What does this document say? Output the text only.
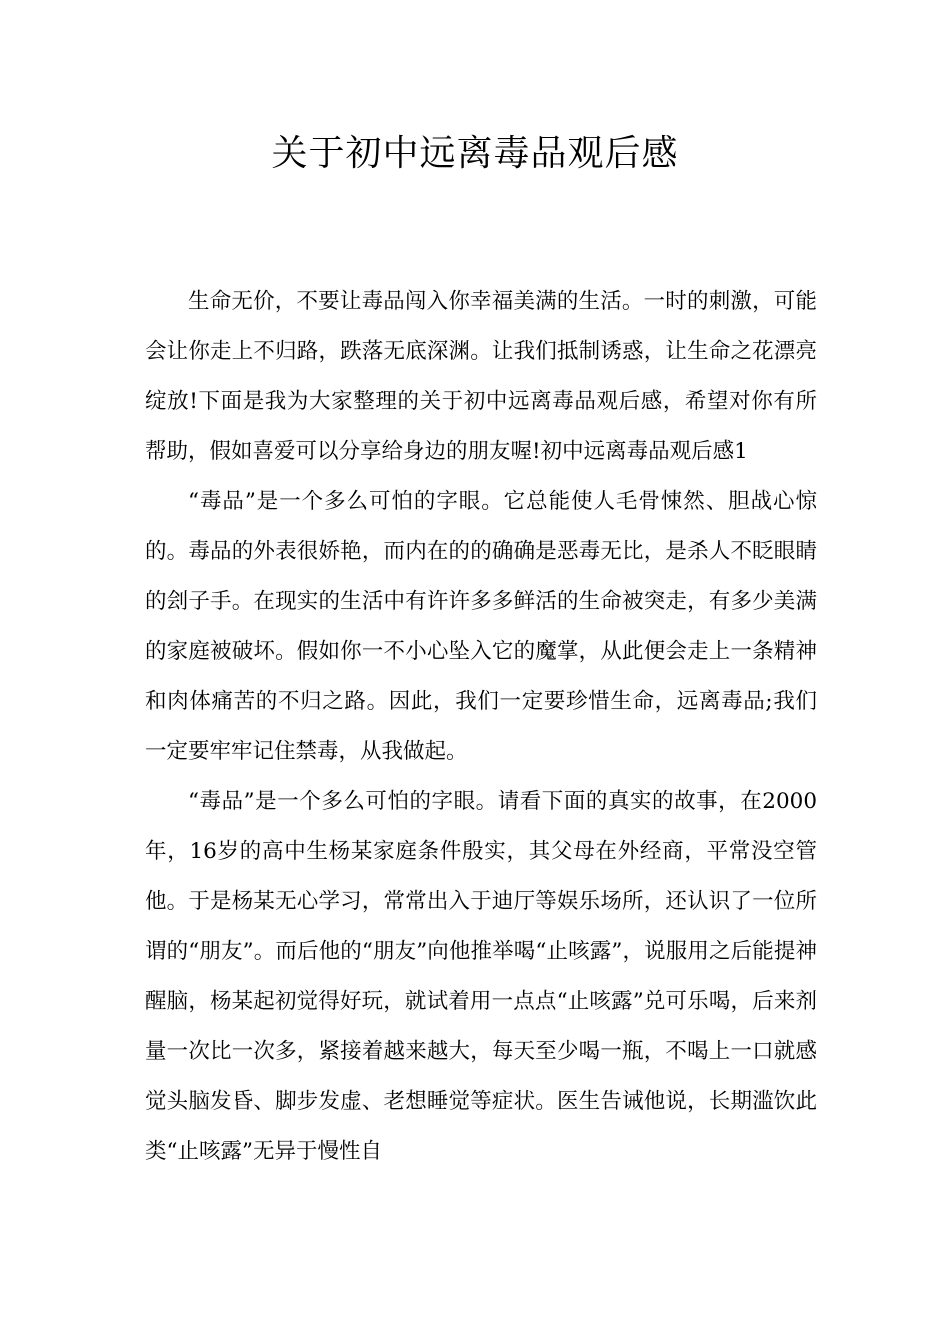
关于初中远离毒品观后感

生命无价，不要让毒品闯入你幸福美满的生活。一时的刺激，可能会让你走上不归路，跌落无底深渊。让我们抵制诱惑，让生命之花漂亮绽放!下面是我为大家整理的关于初中远离毒品观后感，希望对你有所帮助，假如喜爱可以分享给身边的朋友喔!初中远离毒品观后感1

“毒品”是一个多么可怕的字眼。它总能使人毛骨悚然、胆战心惊的。毒品的外表很娇艳，而内在的的确确是恶毒无比，是杀人不眨眼睛的刽子手。在现实的生活中有许许多多鲜活的生命被突走，有多少美满的家庭被破坏。假如你一不小心坠入它的魔掌，从此便会走上一条精神和肉体痛苦的不归之路。因此，我们一定要珍惜生命，远离毒品;我们一定要牢牢记住禁毒，从我做起。

“毒品”是一个多么可怕的字眼。请看下面的真实的故事，在2000年，16岁的高中生杨某家庭条件殷实，其父母在外经商，平常没空管他。于是杨某无心学习，常常出入于迪厅等娱乐场所，还认识了一位所谓的“朋友”。而后他的“朋友”向他推举喝“止咳露”，说服用之后能提神醒脑，杨某起初觉得好玩，就试着用一点点“止咳露”兑可乐喝，后来剂量一次比一次多，紧接着越来越大，每天至少喝一瓶，不喝上一口就感觉头脑发昏、脚步发虚、老想睡觉等症状。医生告诫他说，长期滥饮此类“止咳露”无异于慢性自
